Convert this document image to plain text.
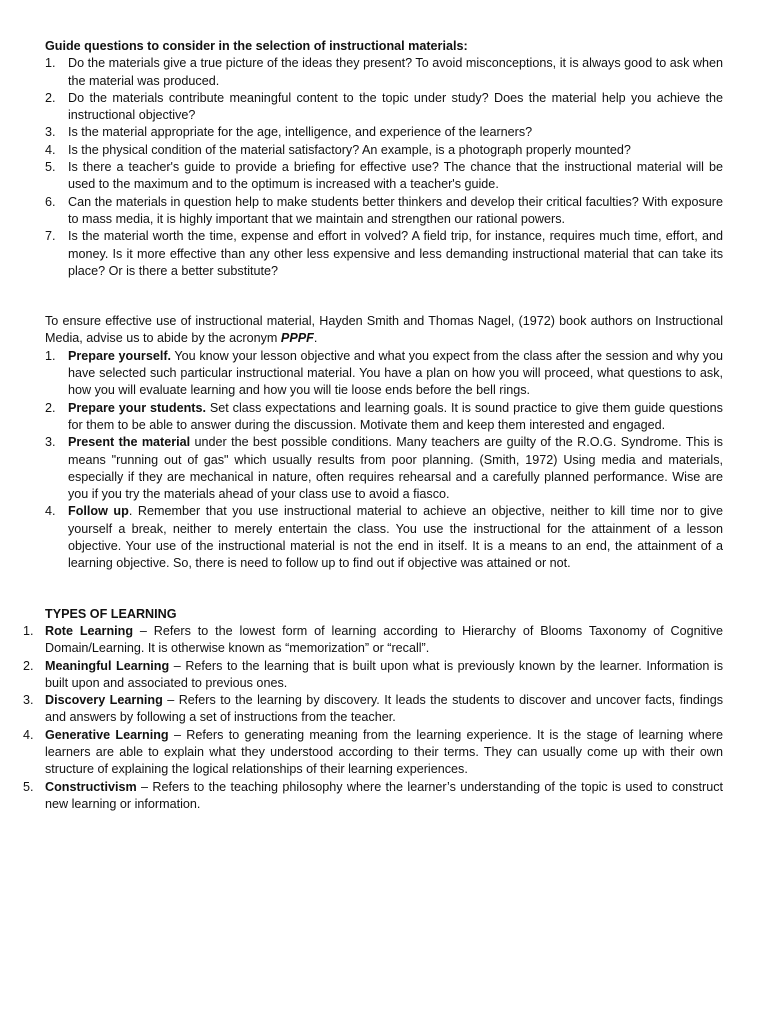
Guide questions to consider in the selection of instructional materials:

1. Do the materials give a true picture of the ideas they present? To avoid misconceptions, it is always good to ask when the material was produced.
2. Do the materials contribute meaningful content to the topic under study? Does the material help you achieve the instructional objective?
3. Is the material appropriate for the age, intelligence, and experience of the learners?
4. Is the physical condition of the material satisfactory? An example, is a photograph properly mounted?
5. Is there a teacher's guide to provide a briefing for effective use? The chance that the instructional material will be used to the maximum and to the optimum is increased with a teacher's guide.
6. Can the materials in question help to make students better thinkers and develop their critical faculties? With exposure to mass media, it is highly important that we maintain and strengthen our rational powers.
7. Is the material worth the time, expense and effort in volved? A field trip, for instance, requires much time, effort, and money. Is it more effective than any other less expensive and less demanding instructional material that can take its place? Or is there a better substitute?

To ensure effective use of instructional material, Hayden Smith and Thomas Nagel, (1972) book authors on Instructional Media, advise us to abide by the acronym PPPF.

1. Prepare yourself. You know your lesson objective and what you expect from the class after the session and why you have selected such particular instructional material. You have a plan on how you will proceed, what questions to ask, how you will evaluate learning and how you will tie loose ends before the bell rings.
2. Prepare your students. Set class expectations and learning goals. It is sound practice to give them guide questions for them to be able to answer during the discussion. Motivate them and keep them interested and engaged.
3. Present the material under the best possible conditions. Many teachers are guilty of the R.O.G. Syndrome. This is means "running out of gas" which usually results from poor planning. (Smith, 1972) Using media and materials, especially if they are mechanical in nature, often requires rehearsal and a carefully planned performance. Wise are you if you try the materials ahead of your class use to avoid a fiasco.
4. Follow up. Remember that you use instructional material to achieve an objective, neither to kill time nor to give yourself a break, neither to merely entertain the class. You use the instructional for the attainment of a lesson objective. Your use of the instructional material is not the end in itself. It is a means to an end, the attainment of a learning objective. So, there is need to follow up to find out if objective was attained or not.

TYPES OF LEARNING

1. Rote Learning – Refers to the lowest form of learning according to Hierarchy of Blooms Taxonomy of Cognitive Domain/Learning. It is otherwise known as “memorization” or “recall”.
2. Meaningful Learning – Refers to the learning that is built upon what is previously known by the learner. Information is built upon and associated to previous ones.
3. Discovery Learning – Refers to the learning by discovery. It leads the students to discover and uncover facts, findings and answers by following a set of instructions from the teacher.
4. Generative Learning – Refers to generating meaning from the learning experience. It is the stage of learning where learners are able to explain what they understood according to their terms. They can usually come up with their own structure of explaining the logical relationships of their learning experiences.
5. Constructivism – Refers to the teaching philosophy where the learner’s understanding of the topic is used to construct new learning or information.
